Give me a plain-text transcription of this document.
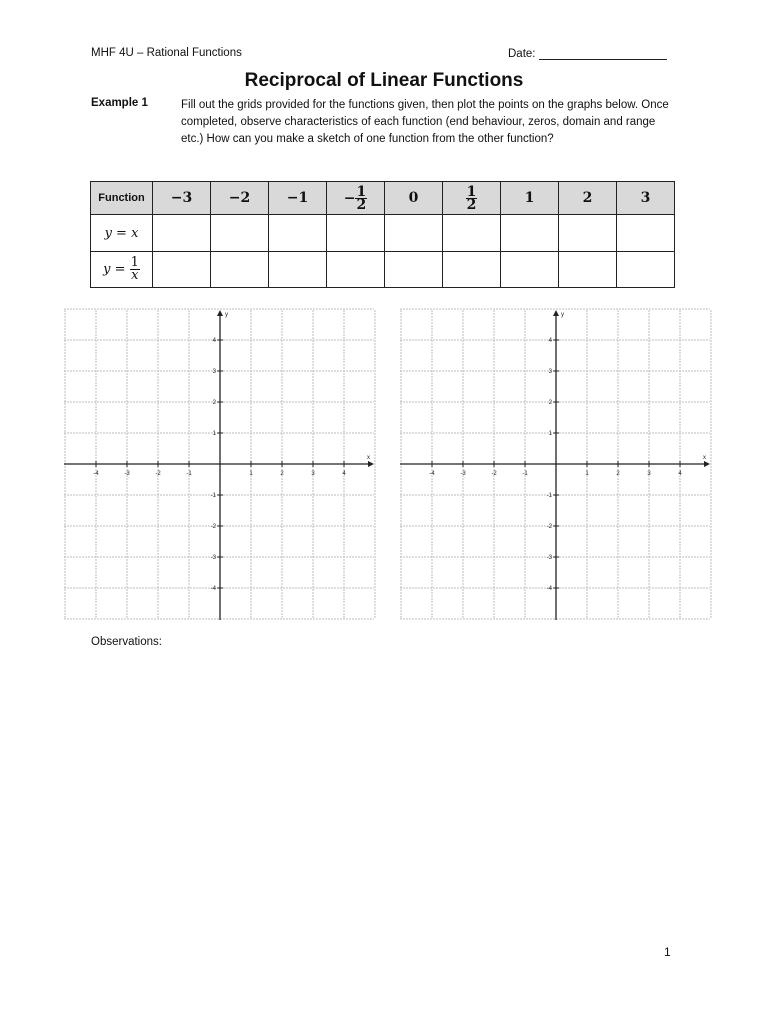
MHF 4U – Rational Functions	Date:
Reciprocal of Linear Functions
Example 1	Fill out the grids provided for the functions given, then plot the points on the graphs below. Once completed, observe characteristics of each function (end behaviour, zeros, domain and range etc.) How can you make a sketch of one function from the other function?
Function	−3	−2	−1	− $\frac{1}{2}$	0	$\frac{1}{2}$	1	2	3
y = x									
$y = \frac{1}{x}$

x
y
-4	-3	-2	-1	1	2	3	4
4
3
2
1
-1
-2
-3
-4
x
y
-4	-3	-2	-1	1	2	3	4
4
3
2
1
-1
-2
-3
-4
Observations:
1
